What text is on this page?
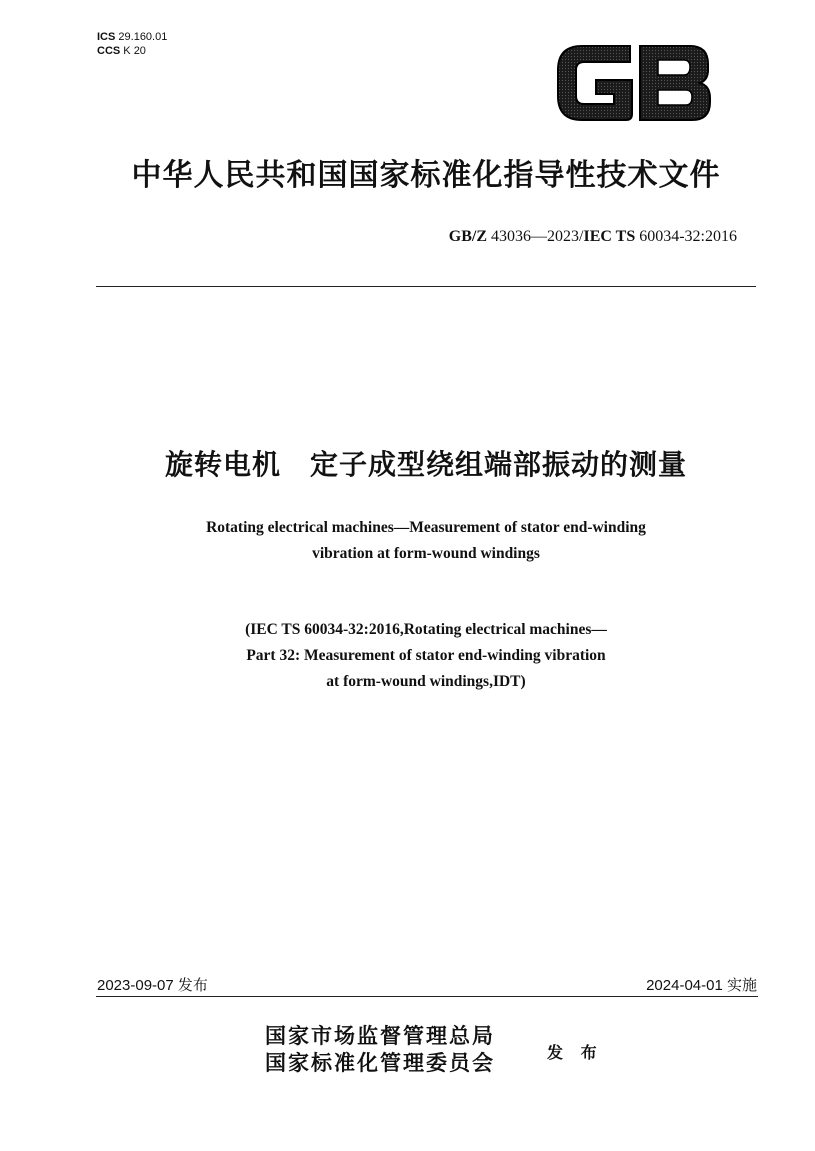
ICS 29.160.01
CCS K 20
中华人民共和国国家标准化指导性技术文件
GB/Z 43036—2023/IEC TS 60034-32:2016
旋转电机　定子成型绕组端部振动的测量
Rotating electrical machines—Measurement of stator end-winding
vibration at form-wound windings
(IEC TS 60034-32:2016,Rotating electrical machines—
Part 32: Measurement of stator end-winding vibration
at form-wound windings,IDT)
2023-09-07 发布	2024-04-01 实施
国家市场监督管理总局
国家标准化管理委员会	发 布
